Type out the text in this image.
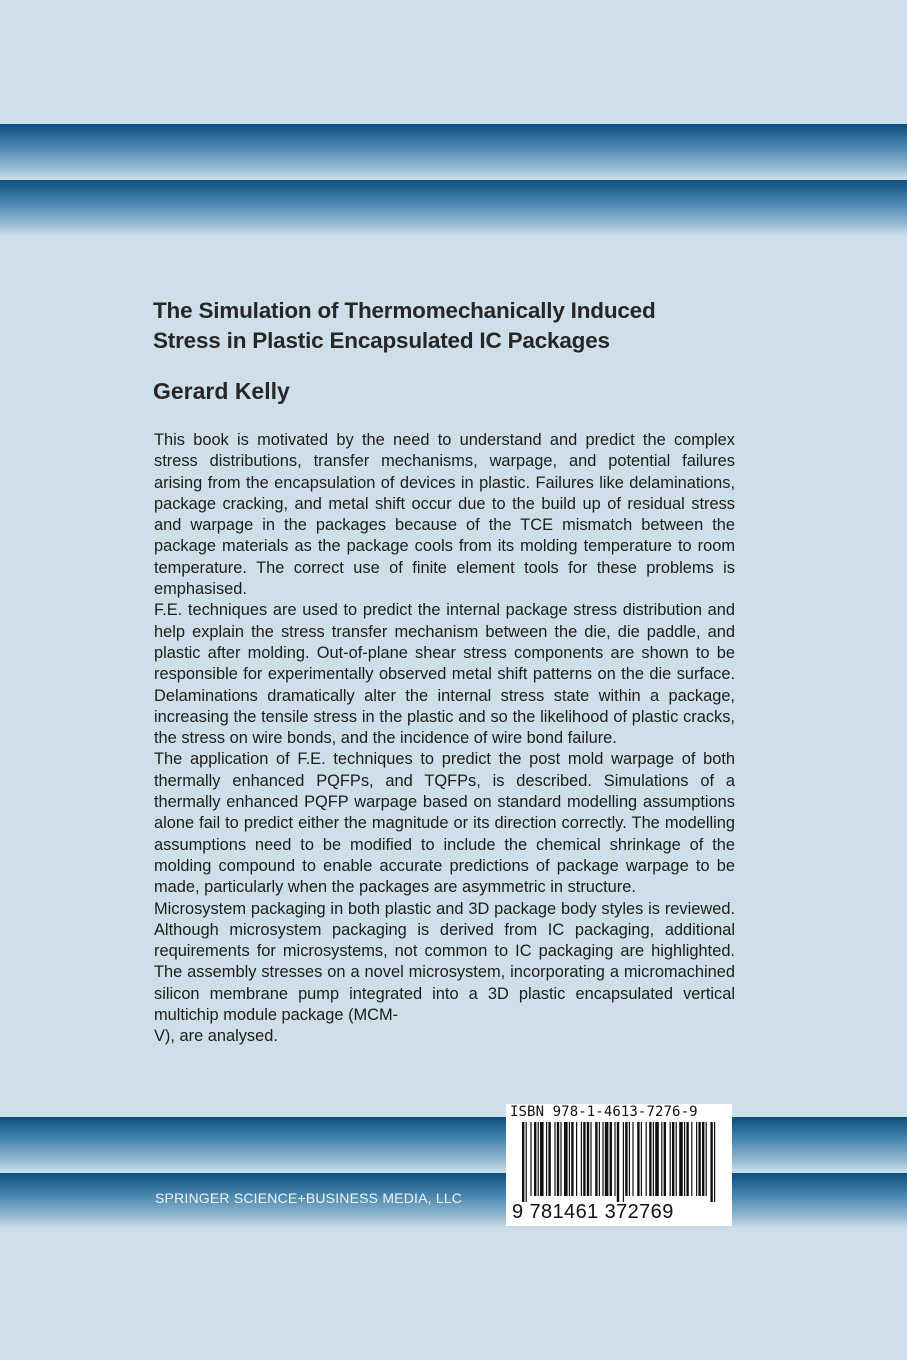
The Simulation of Thermomechanically Induced
Stress in Plastic Encapsulated IC Packages
Gerard Kelly

This book is motivated by the need to understand and predict the complex stress distributions, transfer mechanisms, warpage, and potential failures arising from the encapsulation of devices in plastic. Failures like delaminations, package cracking, and metal shift occur due to the build up of residual stress and warpage in the packages because of the TCE mismatch between the package materials as the package cools from its molding temperature to room temperature. The correct use of finite element tools for these problems is emphasised.

F.E. techniques are used to predict the internal package stress distribution and help explain the stress transfer mechanism between the die, die paddle, and plastic after molding. Out-of-plane shear stress components are shown to be responsible for experimentally observed metal shift patterns on the die surface. Delaminations dramatically alter the internal stress state within a package, increasing the tensile stress in the plastic and so the likelihood of plastic cracks, the stress on wire bonds, and the incidence of wire bond failure.

The application of F.E. techniques to predict the post mold warpage of both thermally enhanced PQFPs, and TQFPs, is described. Simulations of a thermally enhanced PQFP warpage based on standard modelling assumptions alone fail to predict either the magnitude or its direction correctly. The modelling assumptions need to be modified to include the chemical shrinkage of the molding compound to enable accurate predictions of package warpage to be made, particularly when the packages are asymmetric in structure.

Microsystem packaging in both plastic and 3D package body styles is reviewed. Although microsystem packaging is derived from IC packaging, additional requirements for microsystems, not common to IC packaging are highlighted. The assembly stresses on a novel microsystem, incorporating a micromachined silicon membrane pump integrated into a 3D plastic encapsulated vertical multichip module package (MCM-

V), are analysed.

SPRINGER SCIENCE+BUSINESS MEDIA, LLC
ISBN 978-1-4613-7276-9
9 781461 372769
